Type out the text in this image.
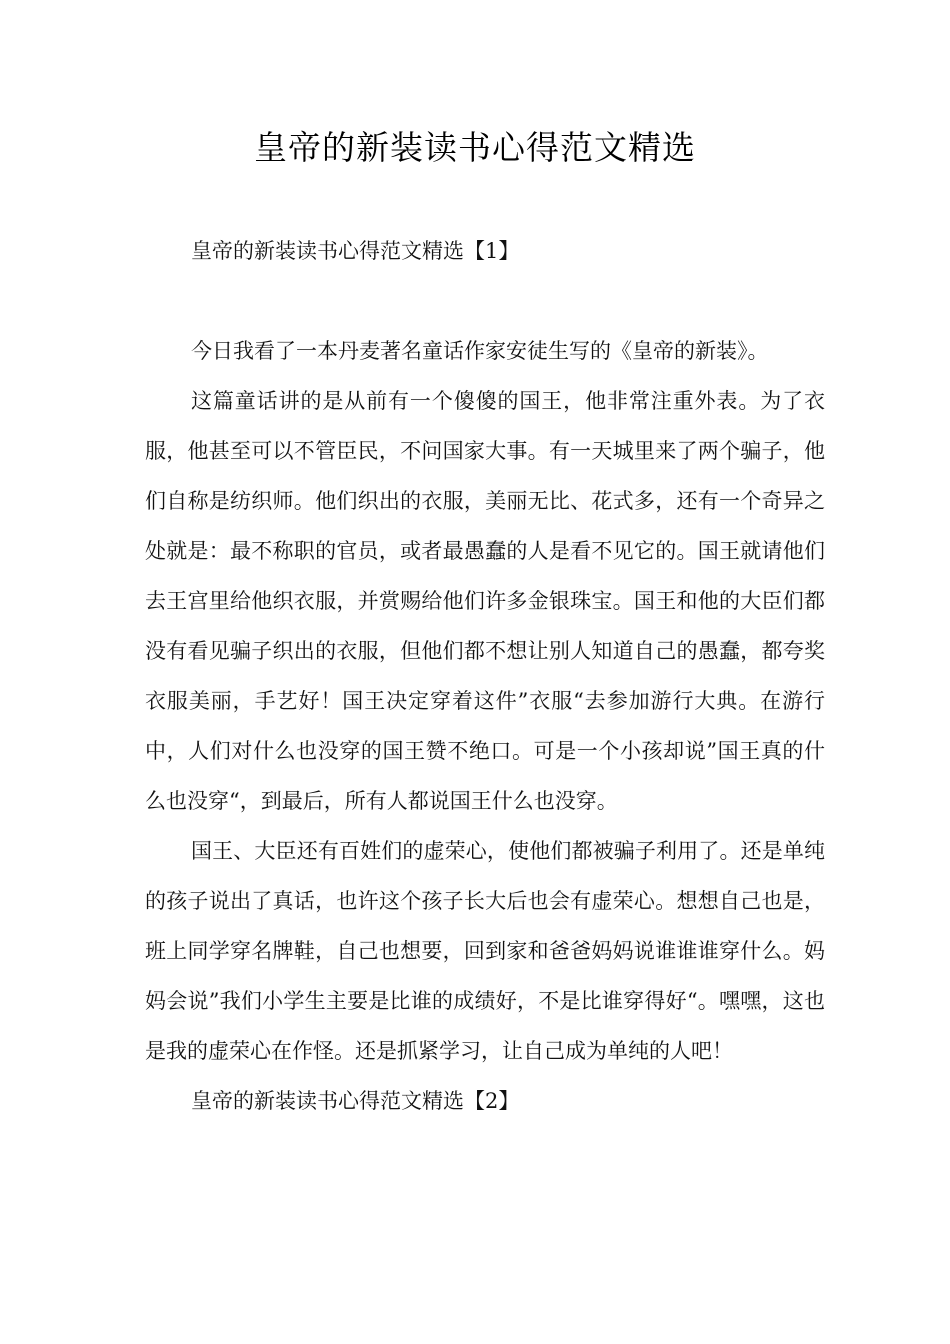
皇帝的新装读书心得范文精选

皇帝的新装读书心得范文精选【1】

今日我看了一本丹麦著名童话作家安徒生写的《皇帝的新装》。

这篇童话讲的是从前有一个傻傻的国王，他非常注重外表。为了衣服，他甚至可以不管臣民，不问国家大事。有一天城里来了两个骗子，他们自称是纺织师。他们织出的衣服，美丽无比、花式多，还有一个奇异之处就是：最不称职的官员，或者最愚蠢的人是看不见它的。国王就请他们去王宫里给他织衣服，并赏赐给他们许多金银珠宝。国王和他的大臣们都没有看见骗子织出的衣服，但他们都不想让别人知道自己的愚蠢，都夸奖衣服美丽，手艺好！国王决定穿着这件”衣服“去参加游行大典。在游行中，人们对什么也没穿的国王赞不绝口。可是一个小孩却说”国王真的什么也没穿“，到最后，所有人都说国王什么也没穿。

国王、大臣还有百姓们的虚荣心，使他们都被骗子利用了。还是单纯的孩子说出了真话，也许这个孩子长大后也会有虚荣心。想想自己也是，班上同学穿名牌鞋，自己也想要，回到家和爸爸妈妈说谁谁谁穿什么。妈妈会说”我们小学生主要是比谁的成绩好，不是比谁穿得好“。嘿嘿，这也是我的虚荣心在作怪。还是抓紧学习，让自己成为单纯的人吧！

皇帝的新装读书心得范文精选【2】
